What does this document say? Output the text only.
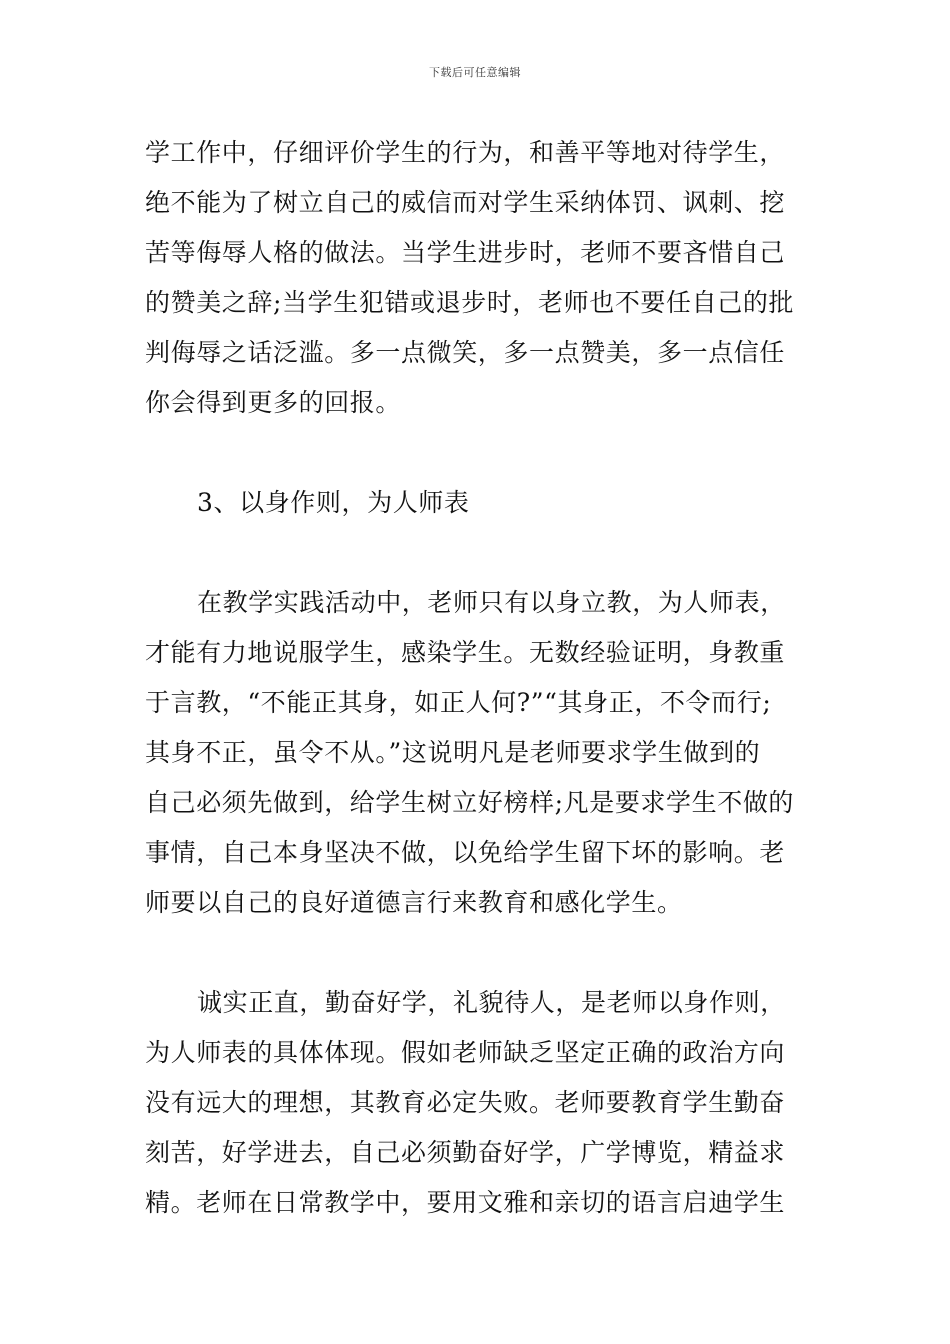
下载后可任意编辑

学工作中，仔细评价学生的行为，和善平等地对待学生，
绝不能为了树立自己的威信而对学生采纳体罚、讽刺、挖
苦等侮辱人格的做法。当学生进步时，老师不要吝惜自己
的赞美之辞;当学生犯错或退步时，老师也不要任自己的批
判侮辱之话泛滥。多一点微笑，多一点赞美，多一点信任
你会得到更多的回报。

3、以身作则，为人师表

在教学实践活动中，老师只有以身立教，为人师表，
才能有力地说服学生，感染学生。无数经验证明，身教重
于言教，“不能正其身，如正人何?”“其身正，不令而行;
其身不正，虽令不从。”这说明凡是老师要求学生做到的
自己必须先做到，给学生树立好榜样;凡是要求学生不做的
事情，自己本身坚决不做，以免给学生留下坏的影响。老
师要以自己的良好道德言行来教育和感化学生。

诚实正直，勤奋好学，礼貌待人，是老师以身作则，
为人师表的具体体现。假如老师缺乏坚定正确的政治方向
没有远大的理想，其教育必定失败。老师要教育学生勤奋
刻苦，好学进去，自己必须勤奋好学，广学博览，精益求
精。老师在日常教学中，要用文雅和亲切的语言启迪学生
